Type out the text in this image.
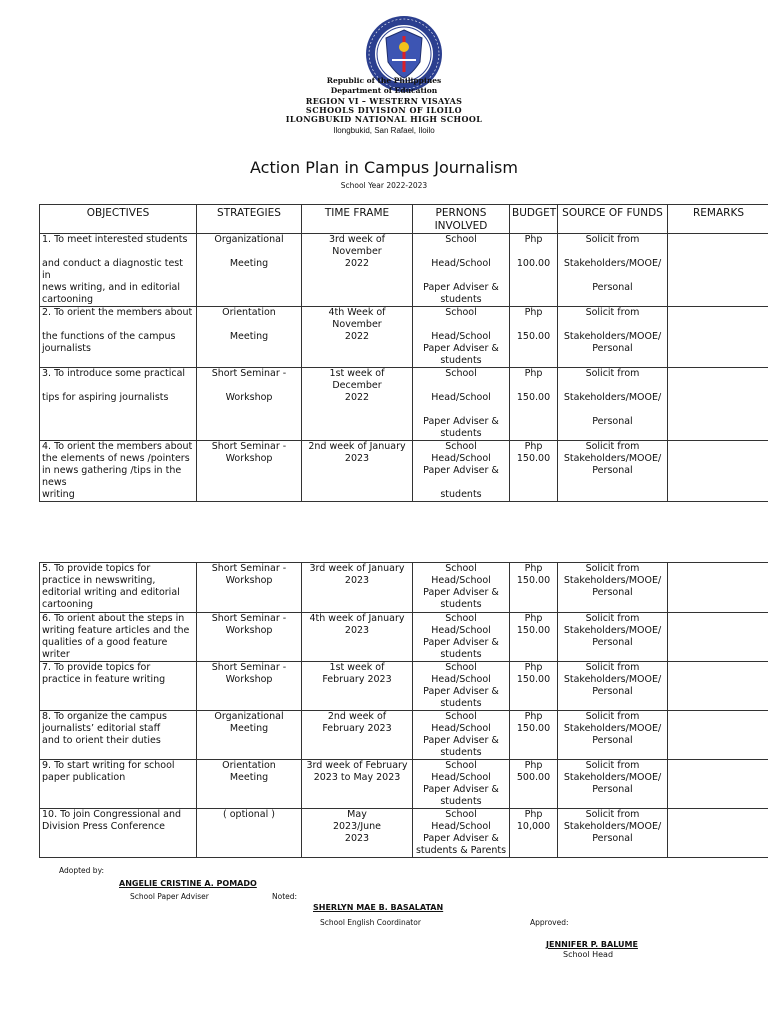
Republic of the Philippines
Department of Education
REGION VI – WESTERN VISAYAS
SCHOOLS DIVISION OF ILOILO
ILONGBUKID NATIONAL HIGH SCHOOL
Ilongbukid, San Rafael, Iloilo
Action Plan in Campus Journalism
School Year 2022-2023
OBJECTIVES	STRATEGIES	TIME FRAME	PERNONS INVOLVED	BUDGET	SOURCE OF FUNDS	REMARKS
1. To meet interested students

and conduct a diagnostic test in
news writing, and in editorial
cartooning	Organizational

Meeting	3rd week of
November
2022	School

Head/School

Paper Adviser &
students	Php

100.00	Solicit from

Stakeholders/MOOE/

Personal	
2. To orient the members about

the functions of the campus
journalists	Orientation

Meeting	4th Week of
November
2022	School

Head/School
Paper Adviser &
students	Php

150.00	Solicit from

Stakeholders/MOOE/
Personal	
3. To introduce some practical

tips for aspiring journalists	Short Seminar -

Workshop	1st week of
December
2022	School

Head/School

Paper Adviser &
students	Php

150.00	Solicit from

Stakeholders/MOOE/

Personal	
4. To orient the members about
the elements of news /pointers
in news gathering /tips in the news
writing	Short Seminar -
Workshop	2nd week of January
2023	School
Head/School
Paper Adviser &

students	Php
150.00	Solicit from
Stakeholders/MOOE/
Personal	
5. To provide topics for
practice in newswriting,
editorial writing and editorial
cartooning	Short Seminar -
Workshop	3rd week of January
2023	School
Head/School
Paper Adviser &
students	Php
150.00	Solicit from
Stakeholders/MOOE/
Personal	
6. To orient about the steps in
writing feature articles and the
qualities of a good feature
writer	Short Seminar -
Workshop	4th week of January
2023	School
Head/School
Paper Adviser &
students	Php
150.00	Solicit from
Stakeholders/MOOE/
Personal	
7. To provide topics for
practice in feature writing	Short Seminar -
Workshop	1st week of
February 2023	School
Head/School
Paper Adviser &
students	Php
150.00	Solicit from
Stakeholders/MOOE/
Personal	
8. To organize the campus
journalists’ editorial staff
and to orient their duties	Organizational
Meeting	2nd week of
February 2023	School
Head/School
Paper Adviser &
students	Php
150.00	Solicit from
Stakeholders/MOOE/
Personal	
9. To start writing for school
paper publication	Orientation
Meeting	3rd week of February
2023 to May 2023	School
Head/School
Paper Adviser &
students	Php
500.00	Solicit from
Stakeholders/MOOE/
Personal	
10. To join Congressional and
Division Press Conference	( optional )	May
2023/June
2023	School
Head/School
Paper Adviser &
students & Parents	Php
10,000	Solicit from
Stakeholders/MOOE/
Personal	
Adopted by:
ANGELIE CRISTINE A. POMADO
School Paper Adviser	Noted:
SHERLYN MAE B. BASALATAN
School English Coordinator	Approved:
JENNIFER P. BALUME
School Head
